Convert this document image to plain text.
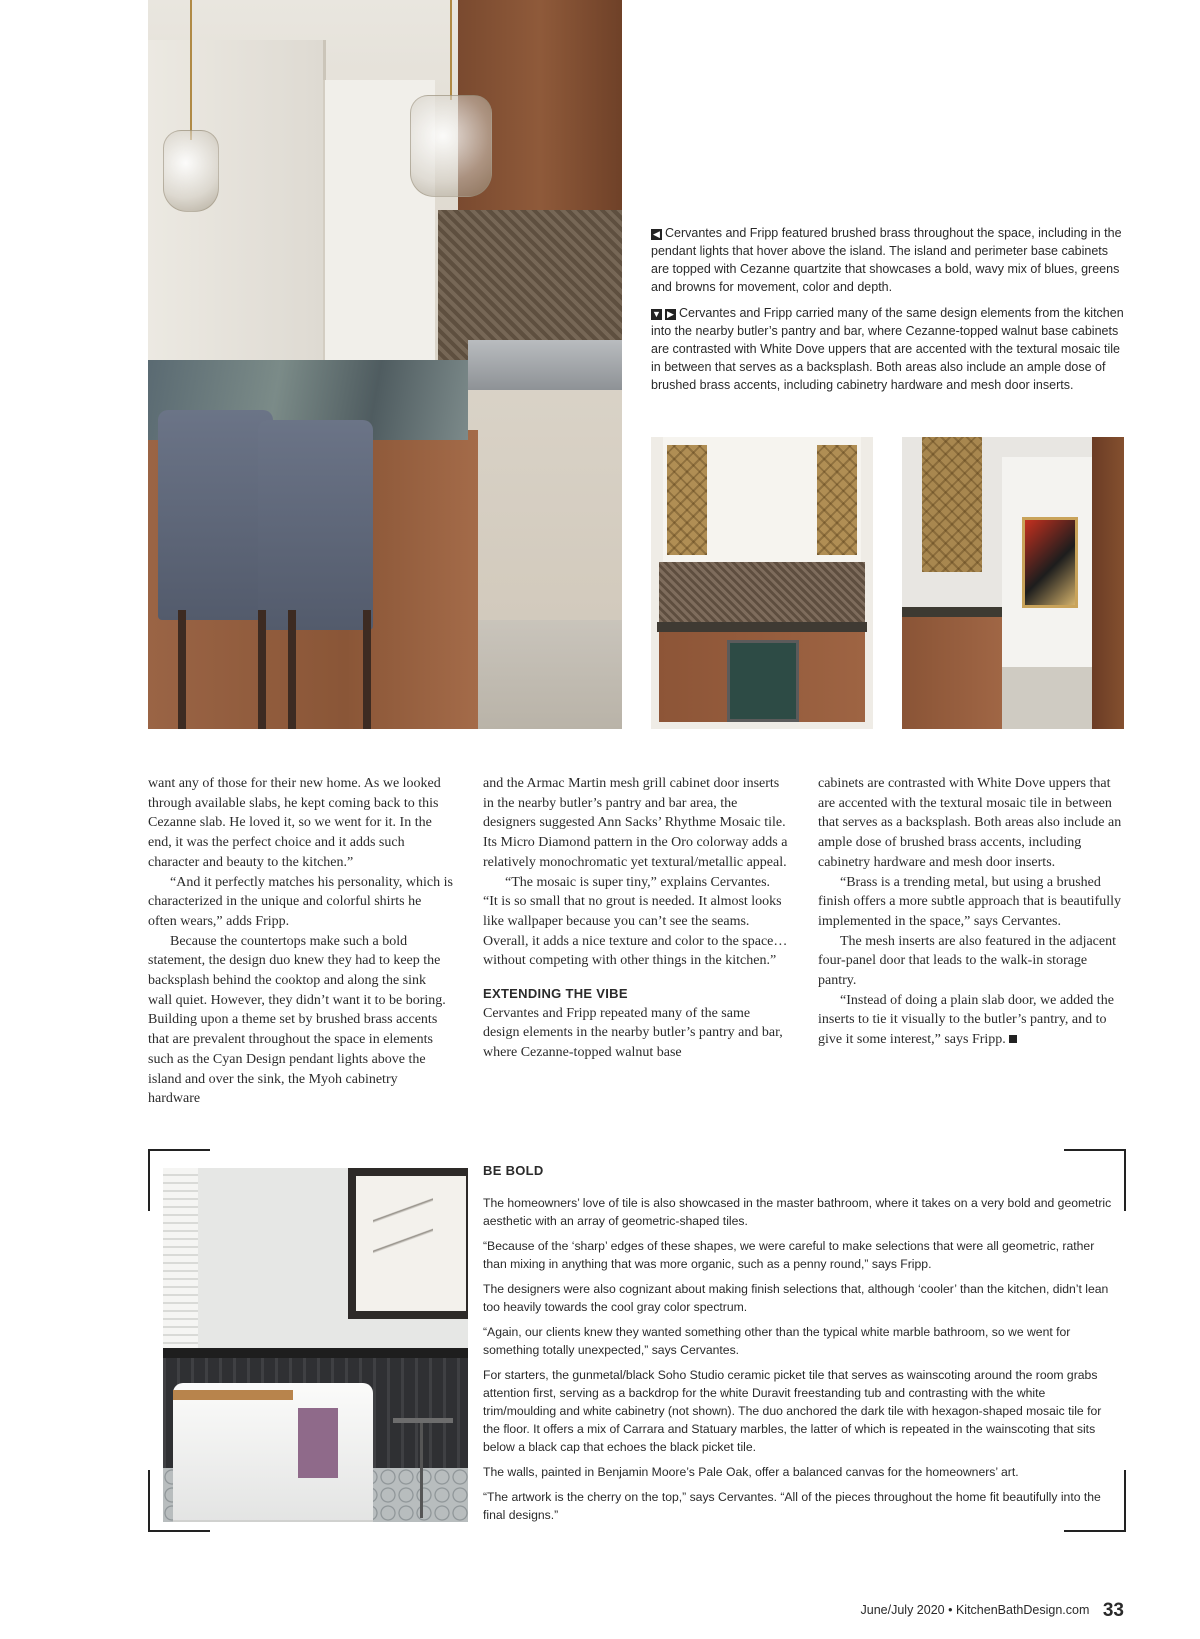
◀ Cervantes and Fripp featured brushed brass throughout the space, including in the pendant lights that hover above the island. The island and perimeter base cabinets are topped with Cezanne quartzite that showcases a bold, wavy mix of blues, greens and browns for movement, color and depth.
▼ ▶ Cervantes and Fripp carried many of the same design elements from the kitchen into the nearby butler’s pantry and bar, where Cezanne-topped walnut base cabinets are contrasted with White Dove uppers that are accented with the textural mosaic tile in between that serves as a backsplash. Both areas also include an ample dose of brushed brass accents, including cabinetry hardware and mesh door inserts.

want any of those for their new home. As we looked through available slabs, he kept coming back to this Cezanne slab. He loved it, so we went for it. In the end, it was the perfect choice and it adds such character and beauty to the kitchen.”

“And it perfectly matches his personality, which is characterized in the unique and colorful shirts he often wears,” adds Fripp.

Because the countertops make such a bold statement, the design duo knew they had to keep the backsplash behind the cooktop and along the sink wall quiet. However, they didn’t want it to be boring. Building upon a theme set by brushed brass accents that are prevalent throughout the space in elements such as the Cyan Design pendant lights above the island and over the sink, the Myoh cabinetry hardware

and the Armac Martin mesh grill cabinet door inserts in the nearby butler’s pantry and bar area, the designers suggested Ann Sacks’ Rhythme Mosaic tile. Its Micro Diamond pattern in the Oro colorway adds a relatively monochromatic yet textural/metallic appeal.

“The mosaic is super tiny,” explains Cervantes. “It is so small that no grout is needed. It almost looks like wallpaper because you can’t see the seams. Overall, it adds a nice texture and color to the space…without competing with other things in the kitchen.”

EXTENDING THE VIBE

Cervantes and Fripp repeated many of the same design elements in the nearby butler’s pantry and bar, where Cezanne-topped walnut base

cabinets are contrasted with White Dove uppers that are accented with the textural mosaic tile in between that serves as a backsplash. Both areas also include an ample dose of brushed brass accents, including cabinetry hardware and mesh door inserts.

“Brass is a trending metal, but using a brushed finish offers a more subtle approach that is beautifully implemented in the space,” says Cervantes.

The mesh inserts are also featured in the adjacent four-panel door that leads to the walk-in storage pantry.

“Instead of doing a plain slab door, we added the inserts to tie it visually to the butler’s pantry, and to give it some interest,” says Fripp.

BE BOLD

The homeowners’ love of tile is also showcased in the master bathroom, where it takes on a very bold and geometric aesthetic with an array of geometric-shaped tiles.

“Because of the ‘sharp’ edges of these shapes, we were careful to make selections that were all geometric, rather than mixing in anything that was more organic, such as a penny round,” says Fripp.

The designers were also cognizant about making finish selections that, although ‘cooler’ than the kitchen, didn’t lean too heavily towards the cool gray color spectrum.

“Again, our clients knew they wanted something other than the typical white marble bathroom, so we went for something totally unexpected,” says Cervantes.

For starters, the gunmetal/black Soho Studio ceramic picket tile that serves as wainscoting around the room grabs attention first, serving as a backdrop for the white Duravit freestanding tub and contrasting with the white trim/moulding and white cabinetry (not shown). The duo anchored the dark tile with hexagon-shaped mosaic tile for the floor. It offers a mix of Carrara and Statuary marbles, the latter of which is repeated in the wainscoting that sits below a black cap that echoes the black picket tile.

The walls, painted in Benjamin Moore’s Pale Oak, offer a balanced canvas for the homeowners’ art.

“The artwork is the cherry on the top,” says Cervantes. “All of the pieces throughout the home fit beautifully into the final designs.”

June/July 2020 • KitchenBathDesign.com 33
